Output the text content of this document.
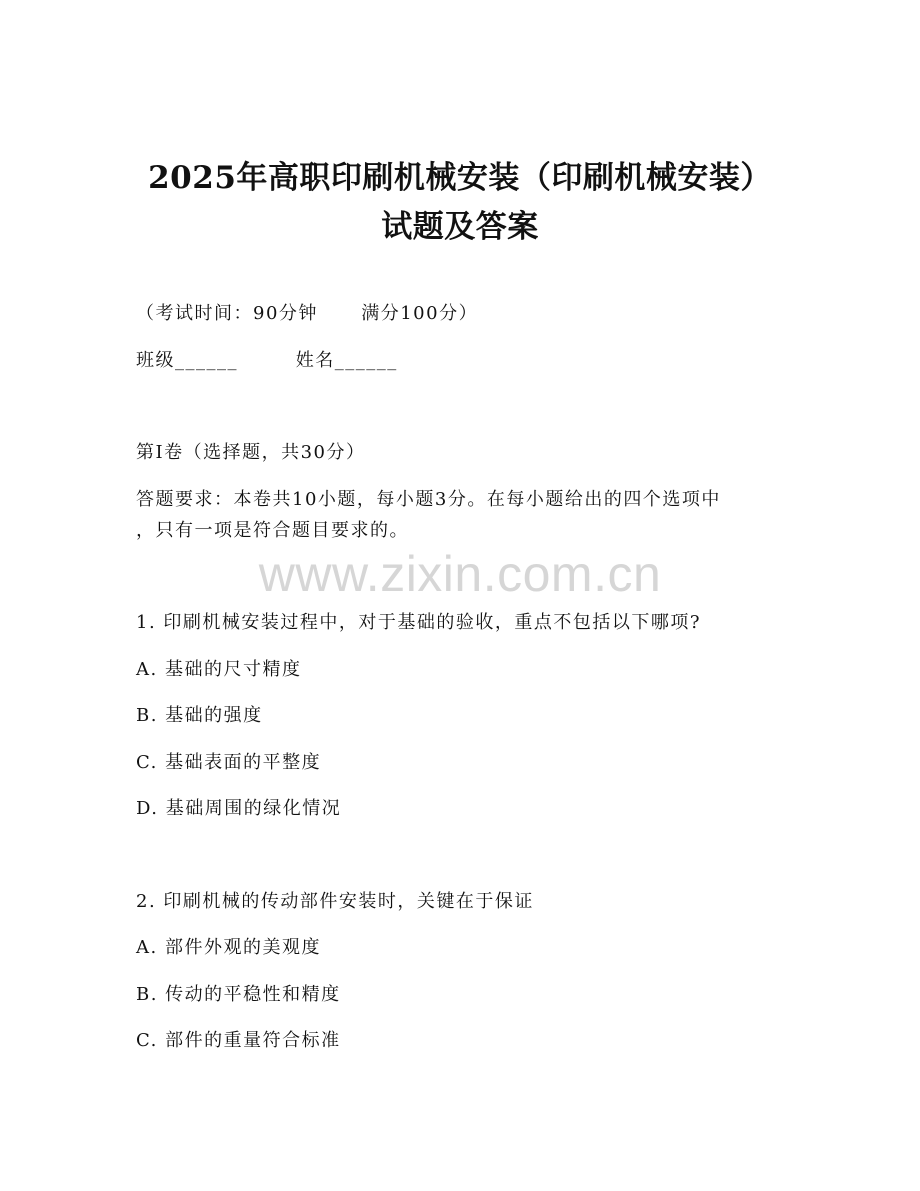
2025年高职印刷机械安装（印刷机械安装）
试题及答案
（考试时间：90分钟      满分100分）
班级______        姓名______
第Ⅰ卷（选择题，共30分）
答题要求：本卷共10小题，每小题3分。在每小题给出的四个选项中
，只有一项是符合题目要求的。
www.zixin.com.cn
1. 印刷机械安装过程中，对于基础的验收，重点不包括以下哪项?
A. 基础的尺寸精度
B. 基础的强度
C. 基础表面的平整度
D. 基础周围的绿化情况
2. 印刷机械的传动部件安装时，关键在于保证
A. 部件外观的美观度
B. 传动的平稳性和精度
C. 部件的重量符合标准
